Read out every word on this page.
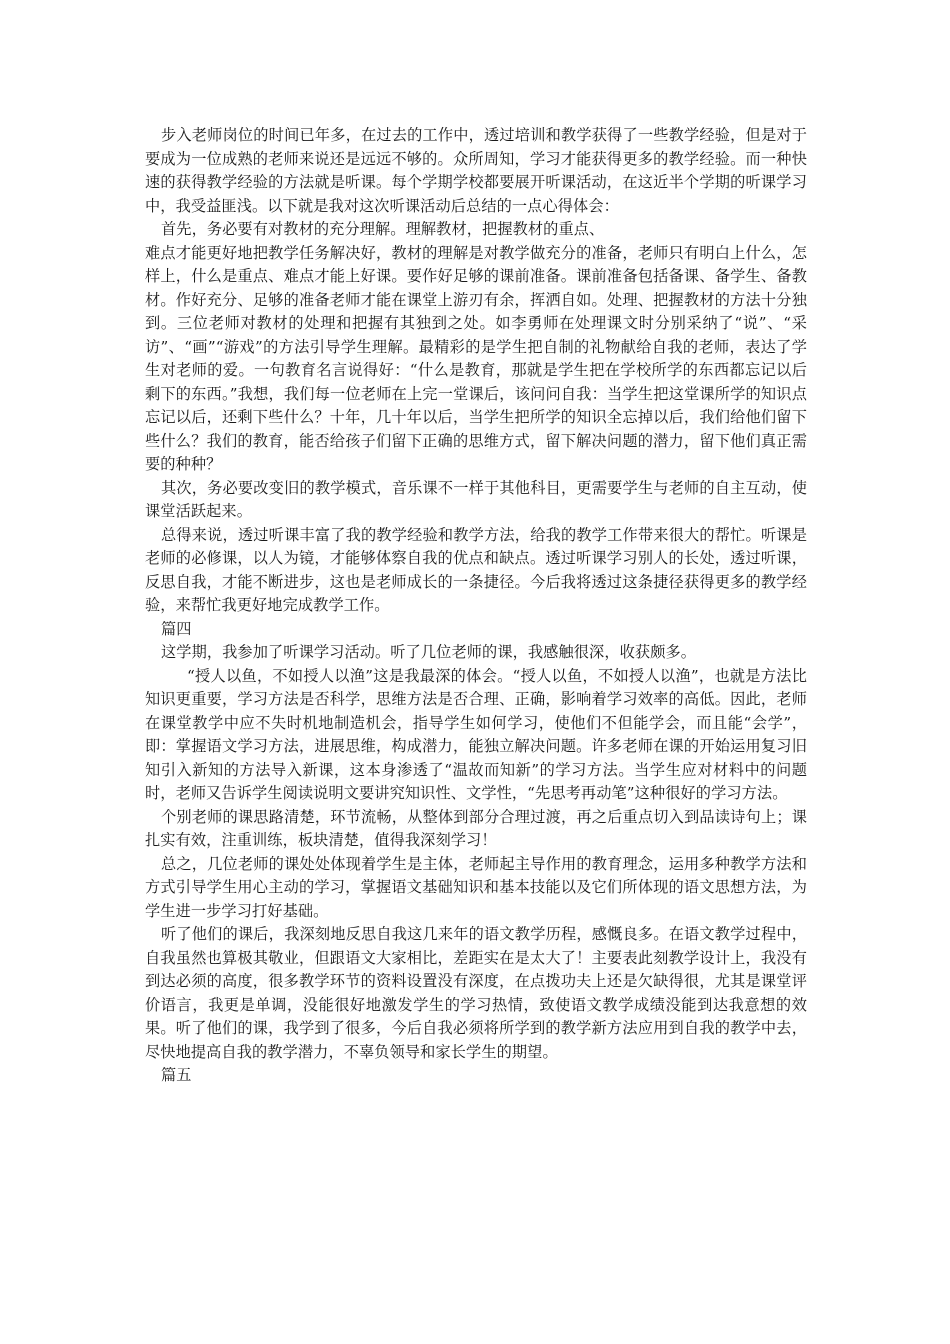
步入老师岗位的时间已年多，在过去的工作中，透过培训和教学获得了一些教学经验，但是对于要成为一位成熟的老师来说还是远远不够的。众所周知，学习才能获得更多的教学经验。而一种快速的获得教学经验的方法就是听课。每个学期学校都要展开听课活动，在这近半个学期的听课学习中，我受益匪浅。以下就是我对这次听课活动后总结的一点心得体会：

首先，务必要有对教材的充分理解。理解教材，把握教材的重点、

难点才能更好地把教学任务解决好，教材的理解是对教学做充分的准备，老师只有明白上什么，怎样上，什么是重点、难点才能上好课。要作好足够的课前准备。课前准备包括备课、备学生、备教材。作好充分、足够的准备老师才能在课堂上游刃有余，挥洒自如。处理、把握教材的方法十分独到。三位老师对教材的处理和把握有其独到之处。如李勇师在处理课文时分别采纳了“说”、“采访”、“画”“游戏”的方法引导学生理解。最精彩的是学生把自制的礼物献给自我的老师，表达了学生对老师的爱。一句教育名言说得好：“什么是教育，那就是学生把在学校所学的东西都忘记以后剩下的东西。”我想，我们每一位老师在上完一堂课后，该问问自我：当学生把这堂课所学的知识点忘记以后，还剩下些什么？十年，几十年以后，当学生把所学的知识全忘掉以后，我们给他们留下些什么？我们的教育，能否给孩子们留下正确的思维方式，留下解决问题的潜力，留下他们真正需要的种种？

其次，务必要改变旧的教学模式，音乐课不一样于其他科目，更需要学生与老师的自主互动，使课堂活跃起来。

总得来说，透过听课丰富了我的教学经验和教学方法，给我的教学工作带来很大的帮忙。听课是老师的必修课，以人为镜，才能够体察自我的优点和缺点。透过听课学习别人的长处，透过听课，反思自我，才能不断进步，这也是老师成长的一条捷径。今后我将透过这条捷径获得更多的教学经验，来帮忙我更好地完成教学工作。

篇四

这学期，我参加了听课学习活动。听了几位老师的课，我感触很深，收获颇多。

“授人以鱼，不如授人以渔”这是我最深的体会。“授人以鱼，不如授人以渔”，也就是方法比知识更重要，学习方法是否科学，思维方法是否合理、正确，影响着学习效率的高低。因此，老师在课堂教学中应不失时机地制造机会，指导学生如何学习，使他们不但能学会，而且能“会学”，即：掌握语文学习方法，进展思维，构成潜力，能独立解决问题。许多老师在课的开始运用复习旧知引入新知的方法导入新课，这本身渗透了“温故而知新”的学习方法。当学生应对材料中的问题时，老师又告诉学生阅读说明文要讲究知识性、文学性，“先思考再动笔”这种很好的学习方法。

个别老师的课思路清楚，环节流畅，从整体到部分合理过渡，再之后重点切入到品读诗句上；课扎实有效，注重训练，板块清楚，值得我深刻学习！

总之，几位老师的课处处体现着学生是主体，老师起主导作用的教育理念，运用多种教学方法和方式引导学生用心主动的学习，掌握语文基础知识和基本技能以及它们所体现的语文思想方法，为学生进一步学习打好基础。

听了他们的课后，我深刻地反思自我这几来年的语文教学历程，感慨良多。在语文教学过程中，自我虽然也算极其敬业，但跟语文大家相比，差距实在是太大了！主要表此刻教学设计上，我没有到达必须的高度，很多教学环节的资料设置没有深度，在点拨功夫上还是欠缺得很，尤其是课堂评价语言，我更是单调，没能很好地激发学生的学习热情，致使语文教学成绩没能到达我意想的效果。听了他们的课，我学到了很多，今后自我必须将所学到的教学新方法应用到自我的教学中去，尽快地提高自我的教学潜力，不辜负领导和家长学生的期望。

篇五
